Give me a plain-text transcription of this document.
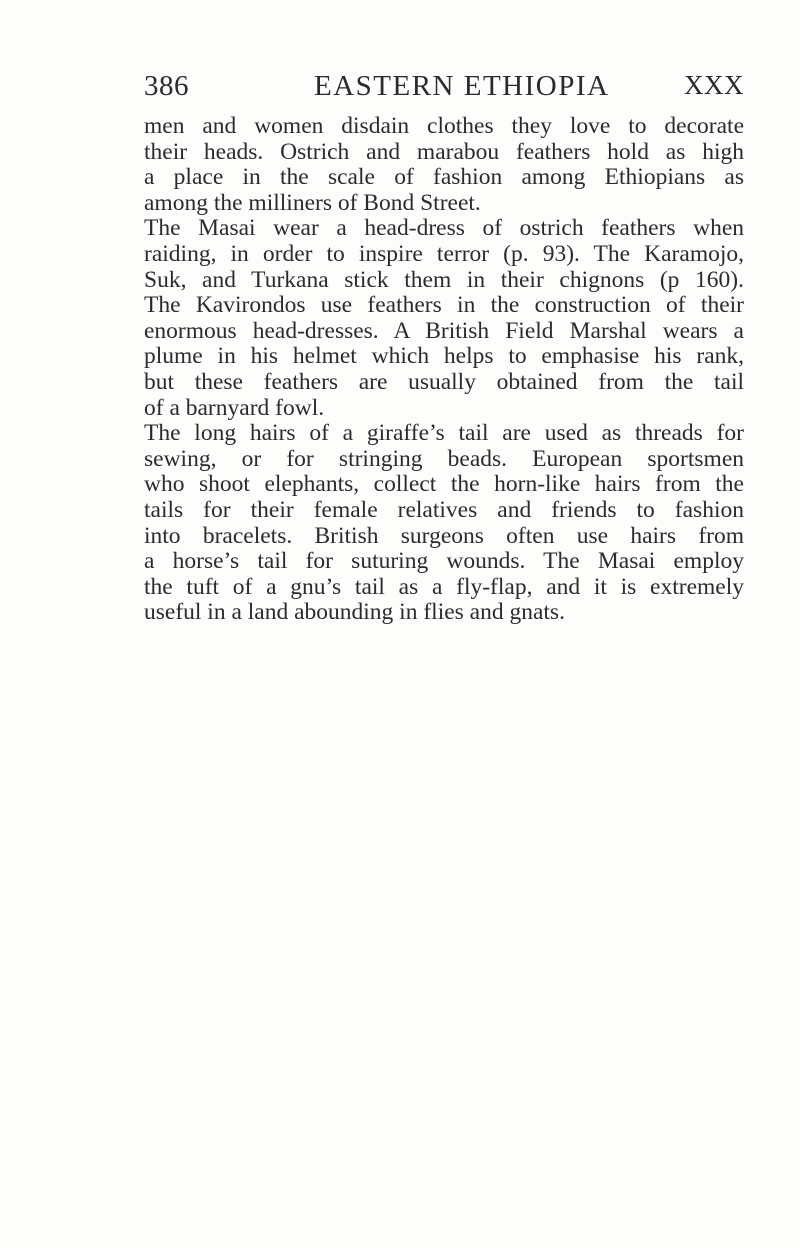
386	EASTERN ETHIOPIA	XXX
men and women disdain clothes they love to decorate
their heads. Ostrich and marabou feathers hold as high
a place in the scale of fashion among Ethiopians as
among the milliners of Bond Street.
The Masai wear a head-dress of ostrich feathers when
raiding, in order to inspire terror (p. 93). The Karamojo,
Suk, and Turkana stick them in their chignons (p 160).
The Kavirondos use feathers in the construction of their
enormous head-dresses. A British Field Marshal wears a
plume in his helmet which helps to emphasise his rank,
but these feathers are usually obtained from the tail
of a barnyard fowl.
The long hairs of a giraffe’s tail are used as threads for
sewing, or for stringing beads. European sportsmen
who shoot elephants, collect the horn-like hairs from the
tails for their female relatives and friends to fashion
into bracelets. British surgeons often use hairs from
a horse’s tail for suturing wounds. The Masai employ
the tuft of a gnu’s tail as a fly-flap, and it is extremely
useful in a land abounding in flies and gnats.
